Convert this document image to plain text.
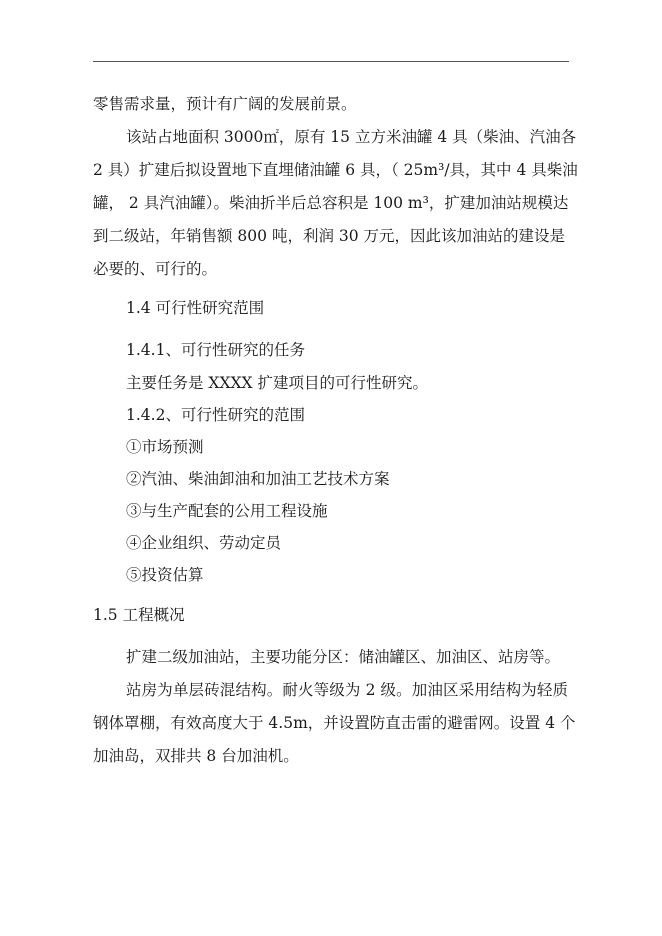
零售需求量，预计有广阔的发展前景。
该站占地面积 3000㎡，原有 15 立方米油罐 4 具（柴油、汽油各
2 具）扩建后拟设置地下直埋储油罐 6 具，（ 25m³/具，其中 4 具柴油
罐， 2 具汽油罐）。柴油折半后总容积是 100 m³，扩建加油站规模达
到二级站，年销售额 800 吨，利润 30 万元，因此该加油站的建设是
必要的、可行的。
1.4 可行性研究范围
1.4.1、可行性研究的任务
主要任务是 XXXX 扩建项目的可行性研究。
1.4.2、可行性研究的范围
①市场预测
②汽油、柴油卸油和加油工艺技术方案
③与生产配套的公用工程设施
④企业组织、劳动定员
⑤投资估算
1.5 工程概况
扩建二级加油站，主要功能分区：储油罐区、加油区、站房等。
站房为单层砖混结构。耐火等级为 2 级。加油区采用结构为轻质
钢体罩棚，有效高度大于 4.5m，并设置防直击雷的避雷网。设置 4 个
加油岛，双排共 8 台加油机。
